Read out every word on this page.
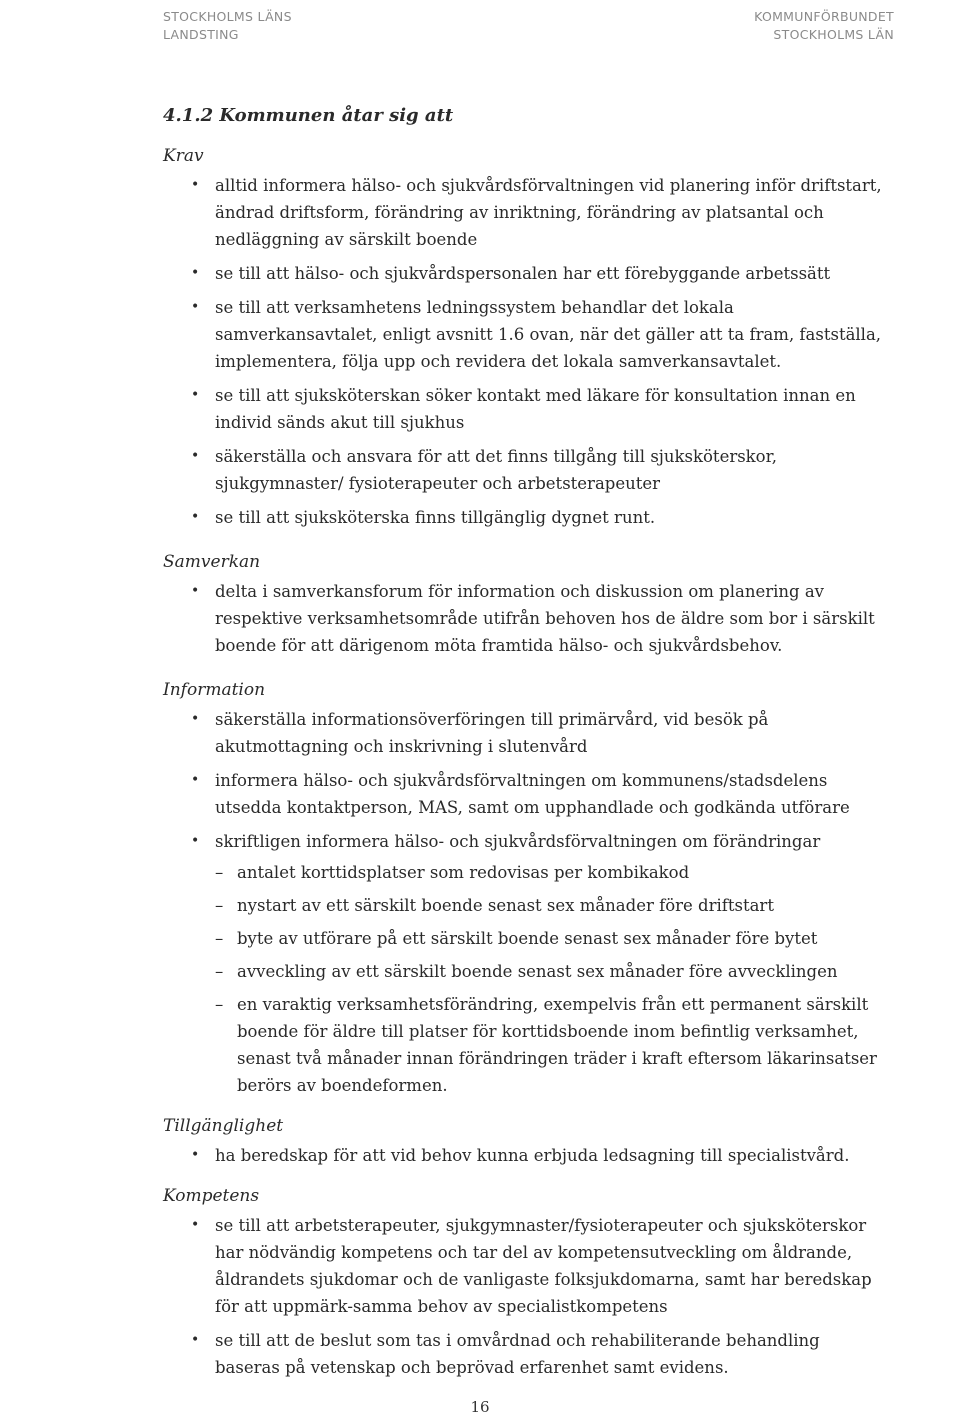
STOCKHOLMS LÄNS
LANDSTING
KOMMUNFÖRBUNDET
STOCKHOLMS LÄN
4.1.2 Kommunen åtar sig att
Krav
• alltid informera hälso- och sjukvårdsförvaltningen vid planering inför driftstart, ändrad driftsform, förändring av inriktning, förändring av platsantal och nedläggning av särskilt boende
• se till att hälso- och sjukvårdspersonalen har ett förebyggande arbetssätt
• se till att verksamhetens ledningssystem behandlar det lokala samverkansavtalet, enligt avsnitt 1.6 ovan, när det gäller att ta fram, fastställa, implementera, följa upp och revidera det lokala samverkansavtalet.
• se till att sjuksköterskan söker kontakt med läkare för konsultation innan en individ sänds akut till sjukhus
• säkerställa och ansvara för att det finns tillgång till sjuksköterskor, sjukgymnaster/ fysioterapeuter och arbetsterapeuter
• se till att sjuksköterska finns tillgänglig dygnet runt.
Samverkan
• delta i samverkansforum för information och diskussion om planering av respektive verksamhetsområde utifrån behoven hos de äldre som bor i särskilt boende för att därigenom möta framtida hälso- och sjukvårdsbehov.
Information
• säkerställa informationsöverföringen till primärvård, vid besök på akutmottagning och inskrivning i slutenvård
• informera hälso- och sjukvårdsförvaltningen om kommunens/stadsdelens utsedda kontaktperson, MAS, samt om upphandlade och godkända utförare
• skriftligen informera hälso- och sjukvårdsförvaltningen om förändringar
– antalet korttidsplatser som redovisas per kombikakod
– nystart av ett särskilt boende senast sex månader före driftstart
– byte av utförare på ett särskilt boende senast sex månader före bytet
– avveckling av ett särskilt boende senast sex månader före avvecklingen
– en varaktig verksamhetsförändring, exempelvis från ett permanent särskilt boende för äldre till platser för korttidsboende inom befintlig verksamhet, senast två månader innan förändringen träder i kraft eftersom läkarinsatser berörs av boendeformen.
Tillgänglighet
• ha beredskap för att vid behov kunna erbjuda ledsagning till specialistvård.
Kompetens
• se till att arbetsterapeuter, sjukgymnaster/fysioterapeuter och sjuksköterskor har nödvändig kompetens och tar del av kompetensutveckling om åldrande, åldrandets sjukdomar och de vanligaste folksjukdomarna, samt har beredskap för att uppmärk-samma behov av specialistkompetens
• se till att de beslut som tas i omvårdnad och rehabiliterande behandling baseras på vetenskap och beprövad erfarenhet samt evidens.
16
